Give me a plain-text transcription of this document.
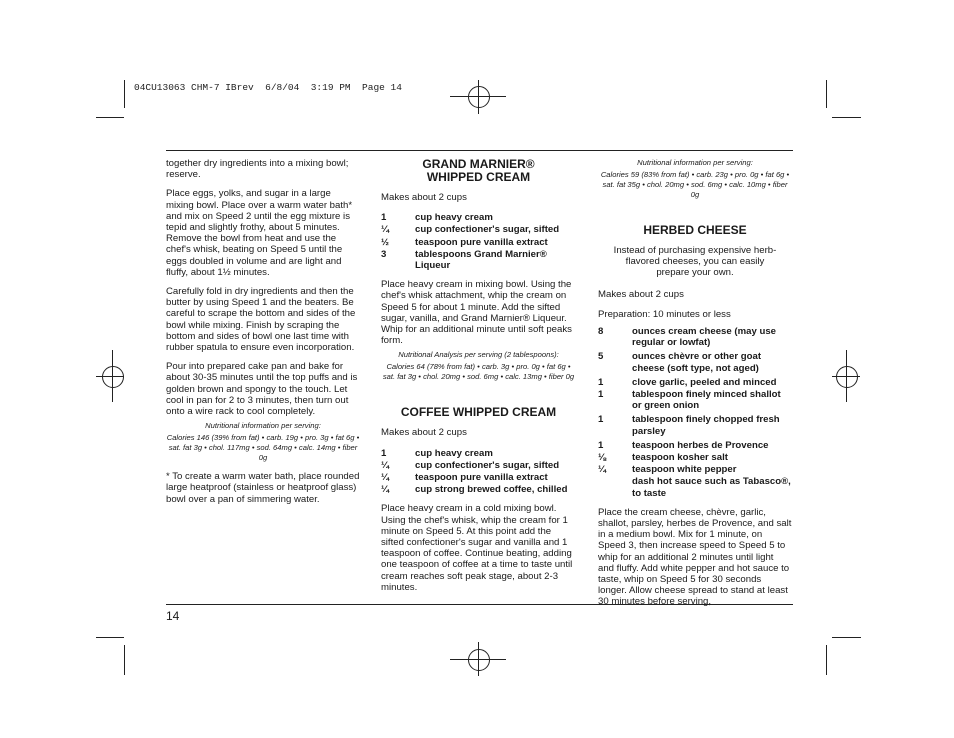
04CU13063 CHM-7 IBrev  6/8/04  3:19 PM  Page 14
14

together dry ingredients into a mixing bowl; reserve.

Place eggs, yolks, and sugar in a large mixing bowl. Place over a warm water bath* and mix on Speed 2 until the egg mixture is tepid and slightly frothy, about 5 minutes. Remove the bowl from heat and use the chef's whisk, beating on Speed 5 until the eggs doubled in volume and are light and fluffy, about 1½ minutes.

Carefully fold in dry ingredients and then the butter by using Speed 1 and the beaters. Be careful to scrape the bottom and sides of the bowl while mixing. Finish by scraping the bottom and sides of bowl one last time with rubber spatula to ensure even incorporation.

Pour into prepared cake pan and bake for about 30-35 minutes until the top puffs and is golden brown and spongy to the touch. Let cool in pan for 2 to 3 minutes, then turn out onto a wire rack to cool completely.

Nutritional information per serving:
Calories 146 (39% from fat) • carb. 19g • pro. 3g • fat 6g • sat. fat 3g • chol. 117mg • sod. 64mg • calc. 14mg • fiber 0g

* To create a warm water bath, place rounded large heatproof (stainless or heatproof glass) bowl over a pan of simmering water.

GRAND MARNIER® WHIPPED CREAM

Makes about 2 cups

1	cup heavy cream
¼	cup confectioner's sugar, sifted
½	teaspoon pure vanilla extract
3	tablespoons Grand Marnier® Liqueur

Place heavy cream in mixing bowl. Using the chef's whisk attachment, whip the cream on Speed 5 for about 1 minute. Add the sifted sugar, vanilla, and Grand Marnier® Liqueur. Whip for an additional minute until soft peaks form.

Nutritional Analysis per serving (2 tablespoons):
Calories 64 (78% from fat) • carb. 3g • pro. 0g • fat 6g • sat. fat 3g • chol. 20mg • sod. 6mg • calc. 13mg • fiber 0g
COFFEE WHIPPED CREAM

Makes about 2 cups

1	cup heavy cream
¼	cup confectioner's sugar, sifted
¼	teaspoon pure vanilla extract
¼	cup strong brewed coffee, chilled

Place heavy cream in a cold mixing bowl. Using the chef's whisk, whip the cream for 1 minute on Speed 5. At this point add the sifted confectioner's sugar and vanilla and 1 teaspoon of coffee. Continue beating, adding one teaspoon of coffee at a time to taste until cream reaches soft peak stage, about 2-3 minutes.

Nutritional information per serving:
Calories 59 (83% from fat) • carb. 23g • pro. 0g • fat 6g • sat. fat 35g • chol. 20mg • sod. 6mg • calc. 10mg • fiber 0g
HERBED CHEESE

Instead of purchasing expensive herb-flavored cheeses, you can easily prepare your own.

Makes about 2 cups

Preparation: 10 minutes or less

8	ounces cream cheese (may use regular or lowfat)
5	ounces chèvre or other goat cheese (soft type, not aged)
1	clove garlic, peeled and minced
1	tablespoon finely minced shallot or green onion
1	tablespoon finely chopped fresh parsley
1	teaspoon herbes de Provence
⅛	teaspoon kosher salt
¼	teaspoon white pepper
dash hot sauce such as Tabasco®, to taste

Place the cream cheese, chèvre, garlic, shallot, parsley, herbes de Provence, and salt in a medium bowl. Mix for 1 minute, on Speed 3, then increase speed to Speed 5 to whip for an additional 2 minutes until light and fluffy. Add white pepper and hot sauce to taste, whip on Speed 5 for 30 seconds longer. Allow cheese spread to stand at least 30 minutes before serving,
